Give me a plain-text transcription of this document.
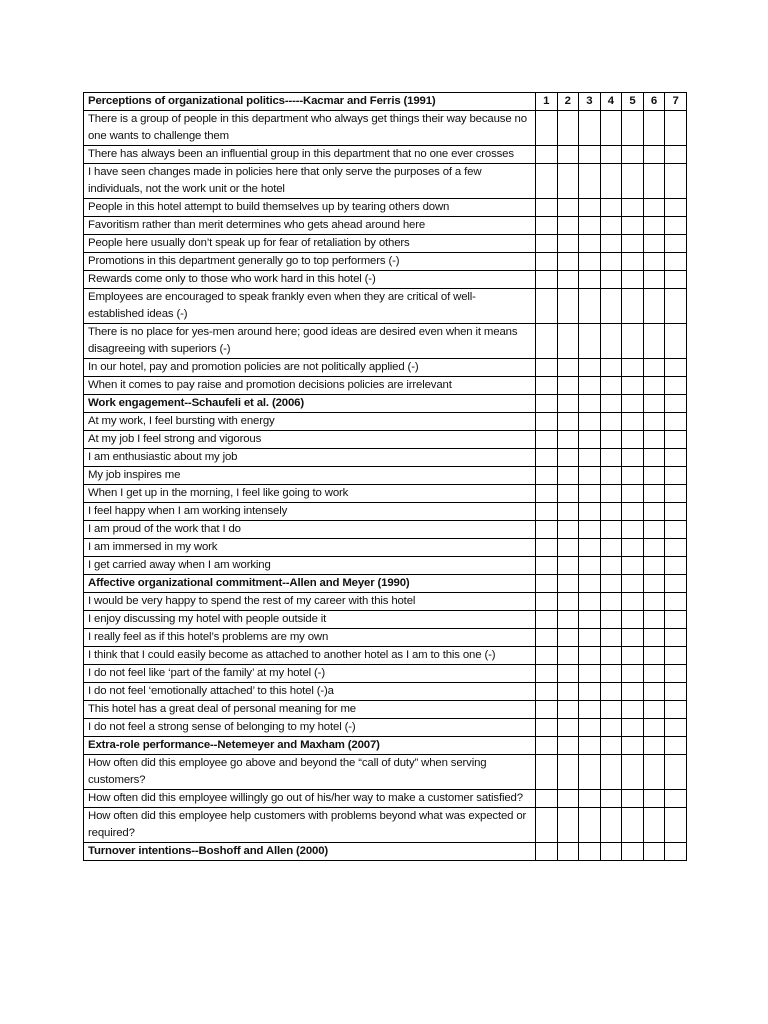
Perceptions of organizational politics-----Kacmar and Ferris (1991)	1	2	3	4	5	6	7
There is a group of people in this department who always get things their way because no one wants to challenge them							
There has always been an influential group in this department that no one ever crosses							
I have seen changes made in policies here that only serve the purposes of a few individuals, not the work unit or the hotel							
People in this hotel attempt to build themselves up by tearing others down							
Favoritism rather than merit determines who gets ahead around here							
People here usually don’t speak up for fear of retaliation by others							
Promotions in this department generally go to top performers (-)							
Rewards come only to those who work hard in this hotel (-)							
Employees are encouraged to speak frankly even when they are critical of well-established ideas (-)							
There is no place for yes-men around here; good ideas are desired even when it means disagreeing with superiors (-)							
In our hotel, pay and promotion policies are not politically applied (-)							
When it comes to pay raise and promotion decisions policies are irrelevant							
Work engagement--Schaufeli et al. (2006)							
At my work, I feel bursting with energy							
At my job I feel strong and vigorous							
I am enthusiastic about my job							
My job inspires me							
When I get up in the morning, I feel like going to work							
I feel happy when I am working intensely							
I am proud of the work that I do							
I am immersed in my work							
I get carried away when I am working							
Affective organizational commitment--Allen and Meyer (1990)							
I would be very happy to spend the rest of my career with this hotel							
I enjoy discussing my hotel with people outside it							
I really feel as if this hotel’s problems are my own							
I think that I could easily become as attached to another hotel as I am to this one (-)							
I do not feel like ‘part of the family’ at my hotel (-)							
I do not feel ‘emotionally attached’ to this hotel (-)a							
This hotel has a great deal of personal meaning for me							
I do not feel a strong sense of belonging to my hotel (-)							
Extra-role performance--Netemeyer and Maxham (2007)							
How often did this employee go above and beyond the “call of duty” when serving customers?							
How often did this employee willingly go out of his/her way to make a customer satisfied?							
How often did this employee help customers with problems beyond what was expected or required?							
Turnover intentions--Boshoff and Allen (2000)							
